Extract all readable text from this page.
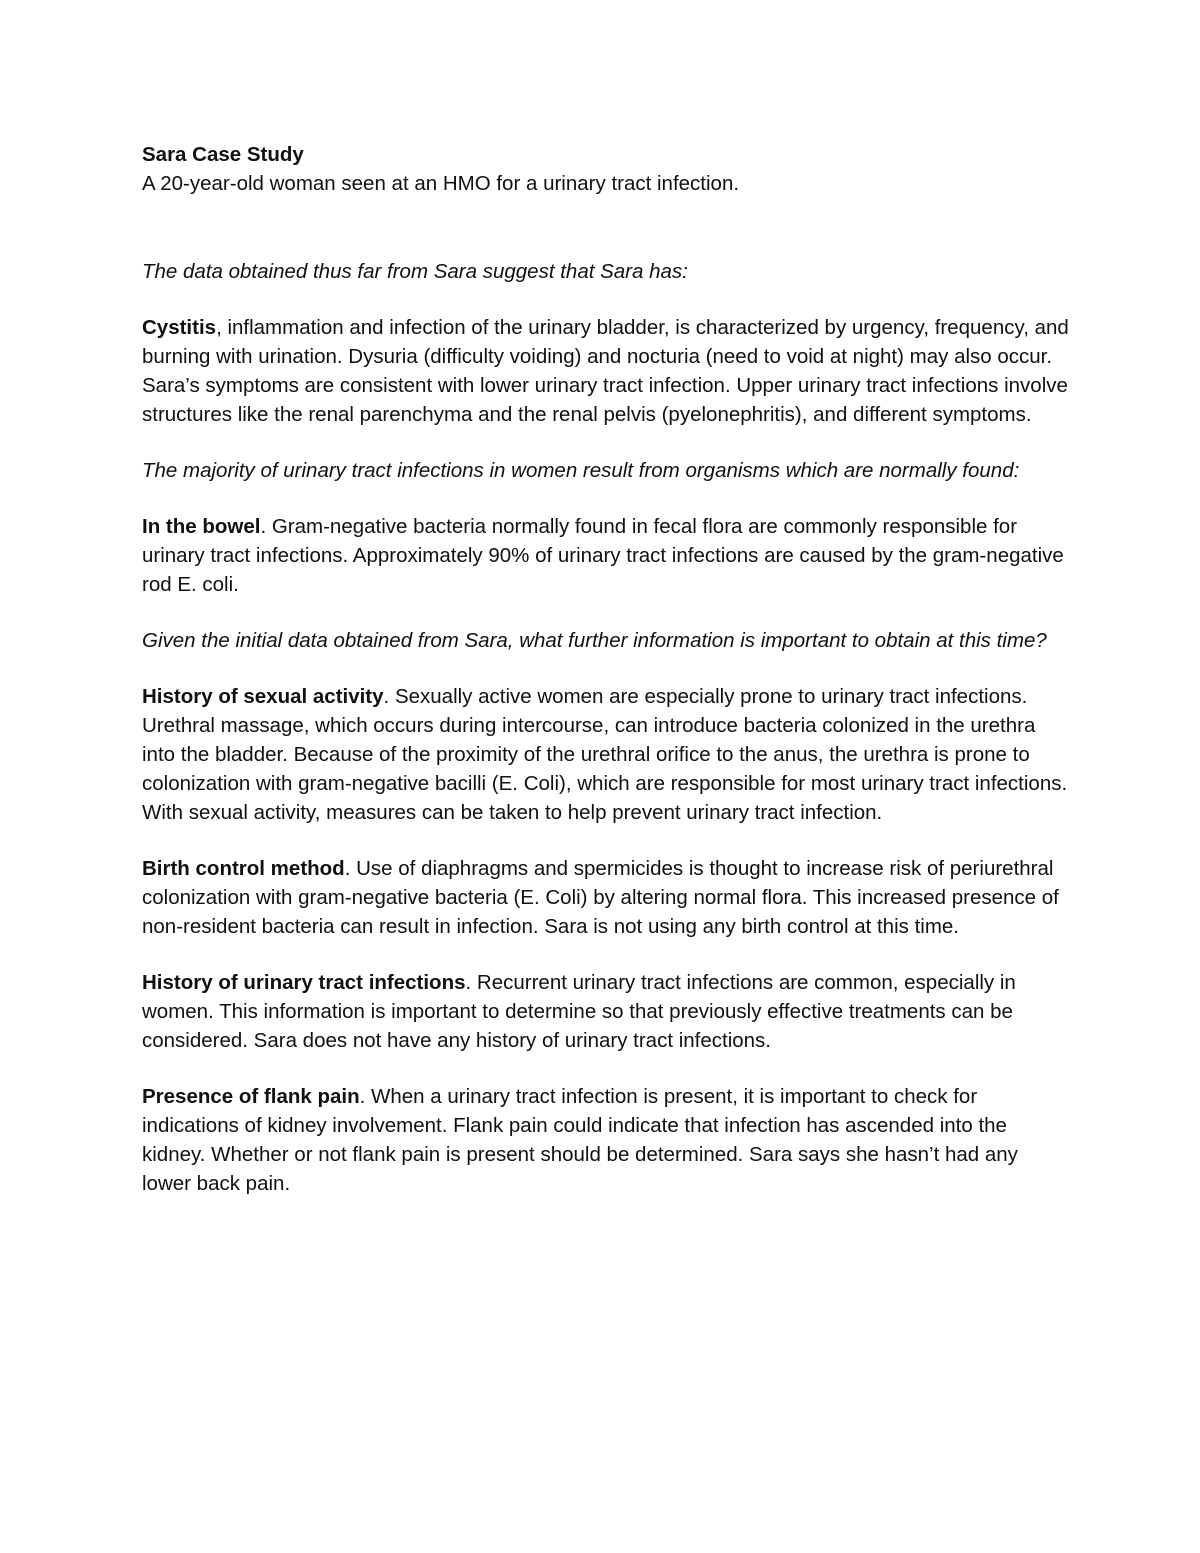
Sara Case Study

A 20-year-old woman seen at an HMO for a urinary tract infection.

The data obtained thus far from Sara suggest that Sara has:

Cystitis, inflammation and infection of the urinary bladder, is characterized by urgency, frequency, and burning with urination. Dysuria (difficulty voiding) and nocturia (need to void at night) may also occur. Sara’s symptoms are consistent with lower urinary tract infection. Upper urinary tract infections involve structures like the renal parenchyma and the renal pelvis (pyelonephritis), and different symptoms.

The majority of urinary tract infections in women result from organisms which are normally found:

In the bowel. Gram-negative bacteria normally found in fecal flora are commonly responsible for urinary tract infections. Approximately 90% of urinary tract infections are caused by the gram-negative rod E. coli.

Given the initial data obtained from Sara, what further information is important to obtain at this time?

History of sexual activity. Sexually active women are especially prone to urinary tract infections. Urethral massage, which occurs during intercourse, can introduce bacteria colonized in the urethra into the bladder. Because of the proximity of the urethral orifice to the anus, the urethra is prone to colonization with gram-negative bacilli (E. Coli), which are responsible for most urinary tract infections. With sexual activity, measures can be taken to help prevent urinary tract infection.

Birth control method. Use of diaphragms and spermicides is thought to increase risk of periurethral colonization with gram-negative bacteria (E. Coli) by altering normal flora. This increased presence of non-resident bacteria can result in infection. Sara is not using any birth control at this time.

History of urinary tract infections. Recurrent urinary tract infections are common, especially in women. This information is important to determine so that previously effective treatments can be considered. Sara does not have any history of urinary tract infections.

Presence of flank pain. When a urinary tract infection is present, it is important to check for indications of kidney involvement. Flank pain could indicate that infection has ascended into the kidney. Whether or not flank pain is present should be determined. Sara says she hasn’t had any lower back pain.
